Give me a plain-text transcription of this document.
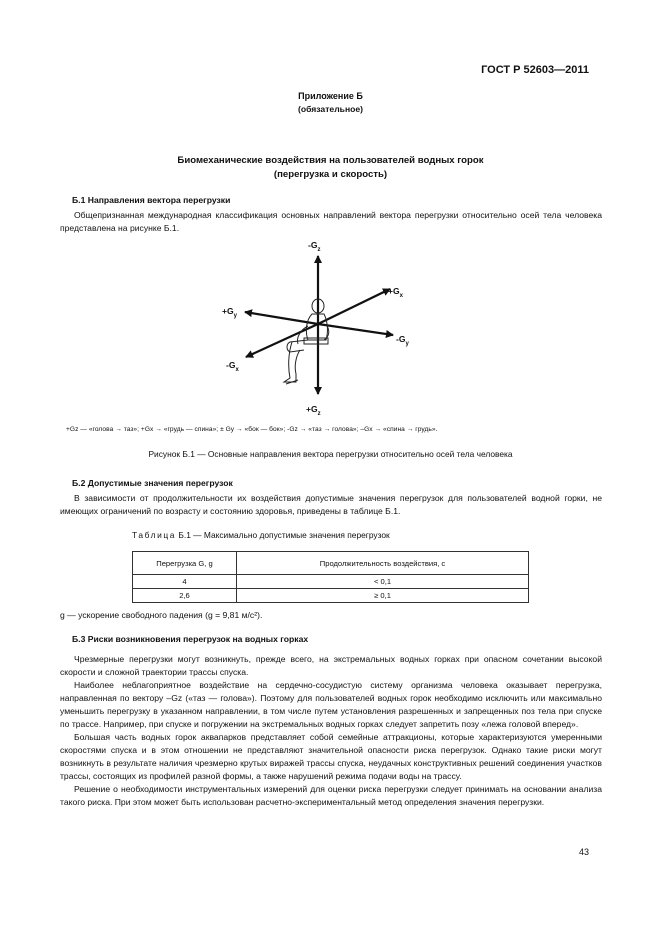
ГОСТ Р 52603—2011
Приложение Б
(обязательное)
Биомеханические воздействия на пользователей водных горок
(перегрузка и скорость)
Б.1 Направления вектора перегрузки

Общепризнанная международная классификация основных направлений вектора перегрузки относительно осей тела человека представлена на рисунке Б.1.

$-G_z$
$+G_z$
$+G_x$
$-G_x$
$+G_y$
$-G_y$
+Gz — «голова → таз»; +Gx → «грудь — спина»; ± Gy → «бок — бок»; -Gz → «таз → голова»; –Gx → «спина → грудь».
Рисунок Б.1 — Основные направления вектора перегрузки относительно осей тела человека
Б.2 Допустимые значения перегрузок

В зависимости от продолжительности их воздействия допустимые значения перегрузок для пользователей водной горки, не имеющих ограничений по возрасту и состоянию здоровья, приведены в таблице Б.1.

Таблица Б.1 — Максимально допустимые значения перегрузок
Перегрузка G, g	Продолжительность воздействия, с
4	< 0,1
2,6	≥ 0,1
g — ускорение свободного падения (g = 9,81 м/с²).
Б.3 Риски возникновения перегрузок на водных горках

Чрезмерные перегрузки могут возникнуть, прежде всего, на экстремальных водных горках при опасном сочетании высокой скорости и сложной траектории трассы спуска.

Наиболее неблагоприятное воздействие на сердечно-сосудистую систему организма человека оказывает перегрузка, направленная по вектору –Gz («таз — голова»). Поэтому для пользователей водных горок необходимо исключить или максимально уменьшить перегрузку в указанном направлении, в том числе путем установления разрешенных и запрещенных поз тела при спуске по трассе. Например, при спуске и погружении на экстремальных водных горках следует запретить позу «лежа головой вперед».

Большая часть водных горок аквапарков представляет собой семейные аттракционы, которые характеризуются умеренными скоростями спуска и в этом отношении не представляют значительной опасности риска перегрузок. Однако такие риски могут возникнуть в результате наличия чрезмерно крутых виражей трассы спуска, неудачных конструктивных решений соединения участков трассы, состоящих из профилей разной формы, а также нарушений режима подачи воды на трассу.

Решение о необходимости инструментальных измерений для оценки риска перегрузки следует принимать на основании анализа такого риска. При этом может быть использован расчетно-экспериментальный метод определения значения перегрузки.

43
